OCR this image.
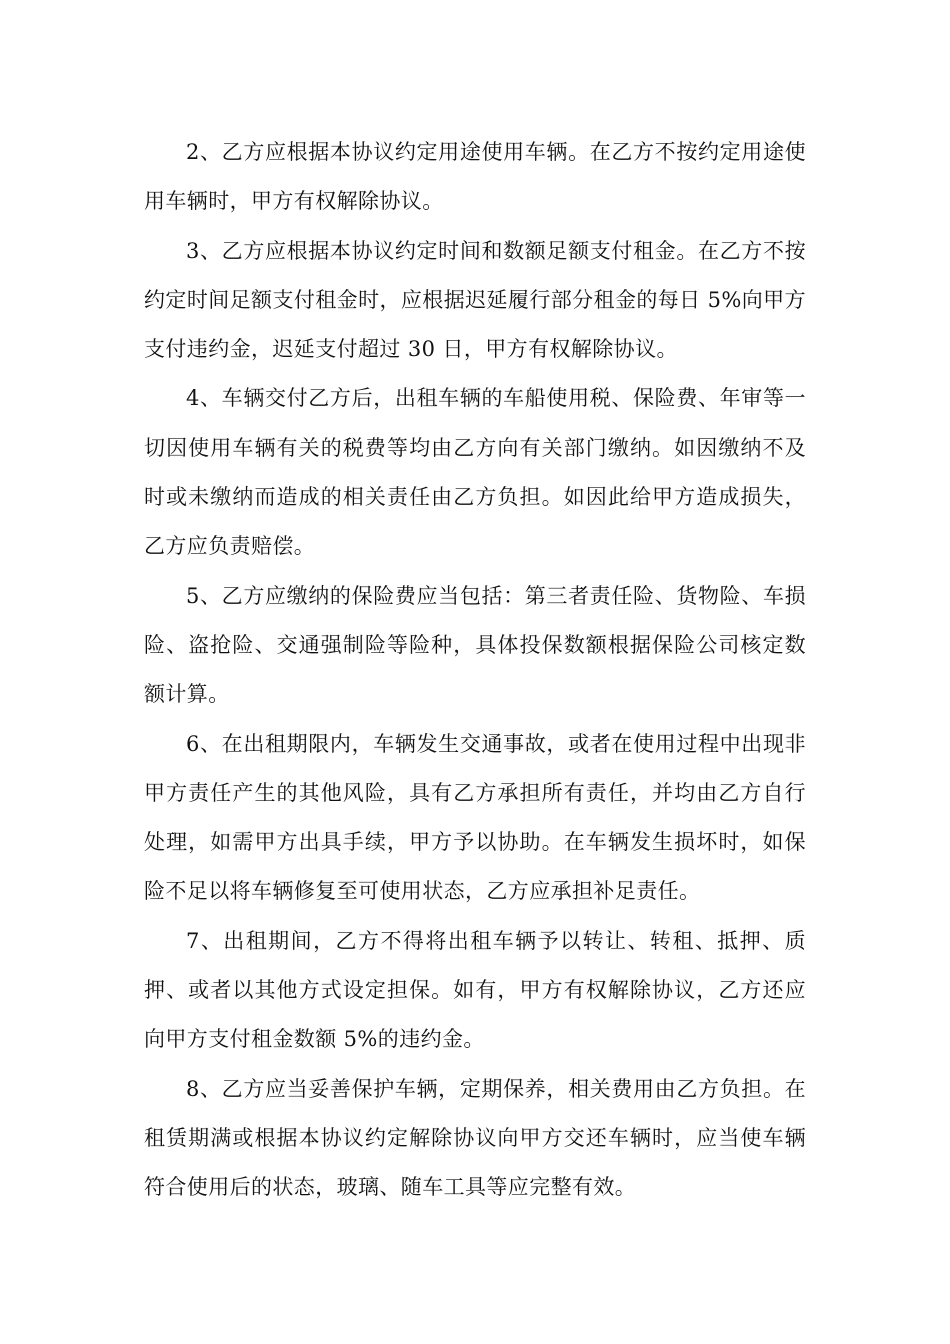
2、乙方应根据本协议约定用途使用车辆。在乙方不按约定用途使用车辆时，甲方有权解除协议。

3、乙方应根据本协议约定时间和数额足额支付租金。在乙方不按约定时间足额支付租金时，应根据迟延履行部分租金的每日 5%向甲方支付违约金，迟延支付超过 30 日，甲方有权解除协议。

4、车辆交付乙方后，出租车辆的车船使用税、保险费、年审等一切因使用车辆有关的税费等均由乙方向有关部门缴纳。如因缴纳不及时或未缴纳而造成的相关责任由乙方负担。如因此给甲方造成损失，乙方应负责赔偿。

5、乙方应缴纳的保险费应当包括：第三者责任险、货物险、车损险、盗抢险、交通强制险等险种，具体投保数额根据保险公司核定数额计算。

6、在出租期限内，车辆发生交通事故，或者在使用过程中出现非甲方责任产生的其他风险，具有乙方承担所有责任，并均由乙方自行处理，如需甲方出具手续，甲方予以协助。在车辆发生损坏时，如保险不足以将车辆修复至可使用状态，乙方应承担补足责任。

7、出租期间，乙方不得将出租车辆予以转让、转租、抵押、质押、或者以其他方式设定担保。如有，甲方有权解除协议，乙方还应向甲方支付租金数额 5%的违约金。

8、乙方应当妥善保护车辆，定期保养，相关费用由乙方负担。在租赁期满或根据本协议约定解除协议向甲方交还车辆时，应当使车辆符合使用后的状态，玻璃、随车工具等应完整有效。
